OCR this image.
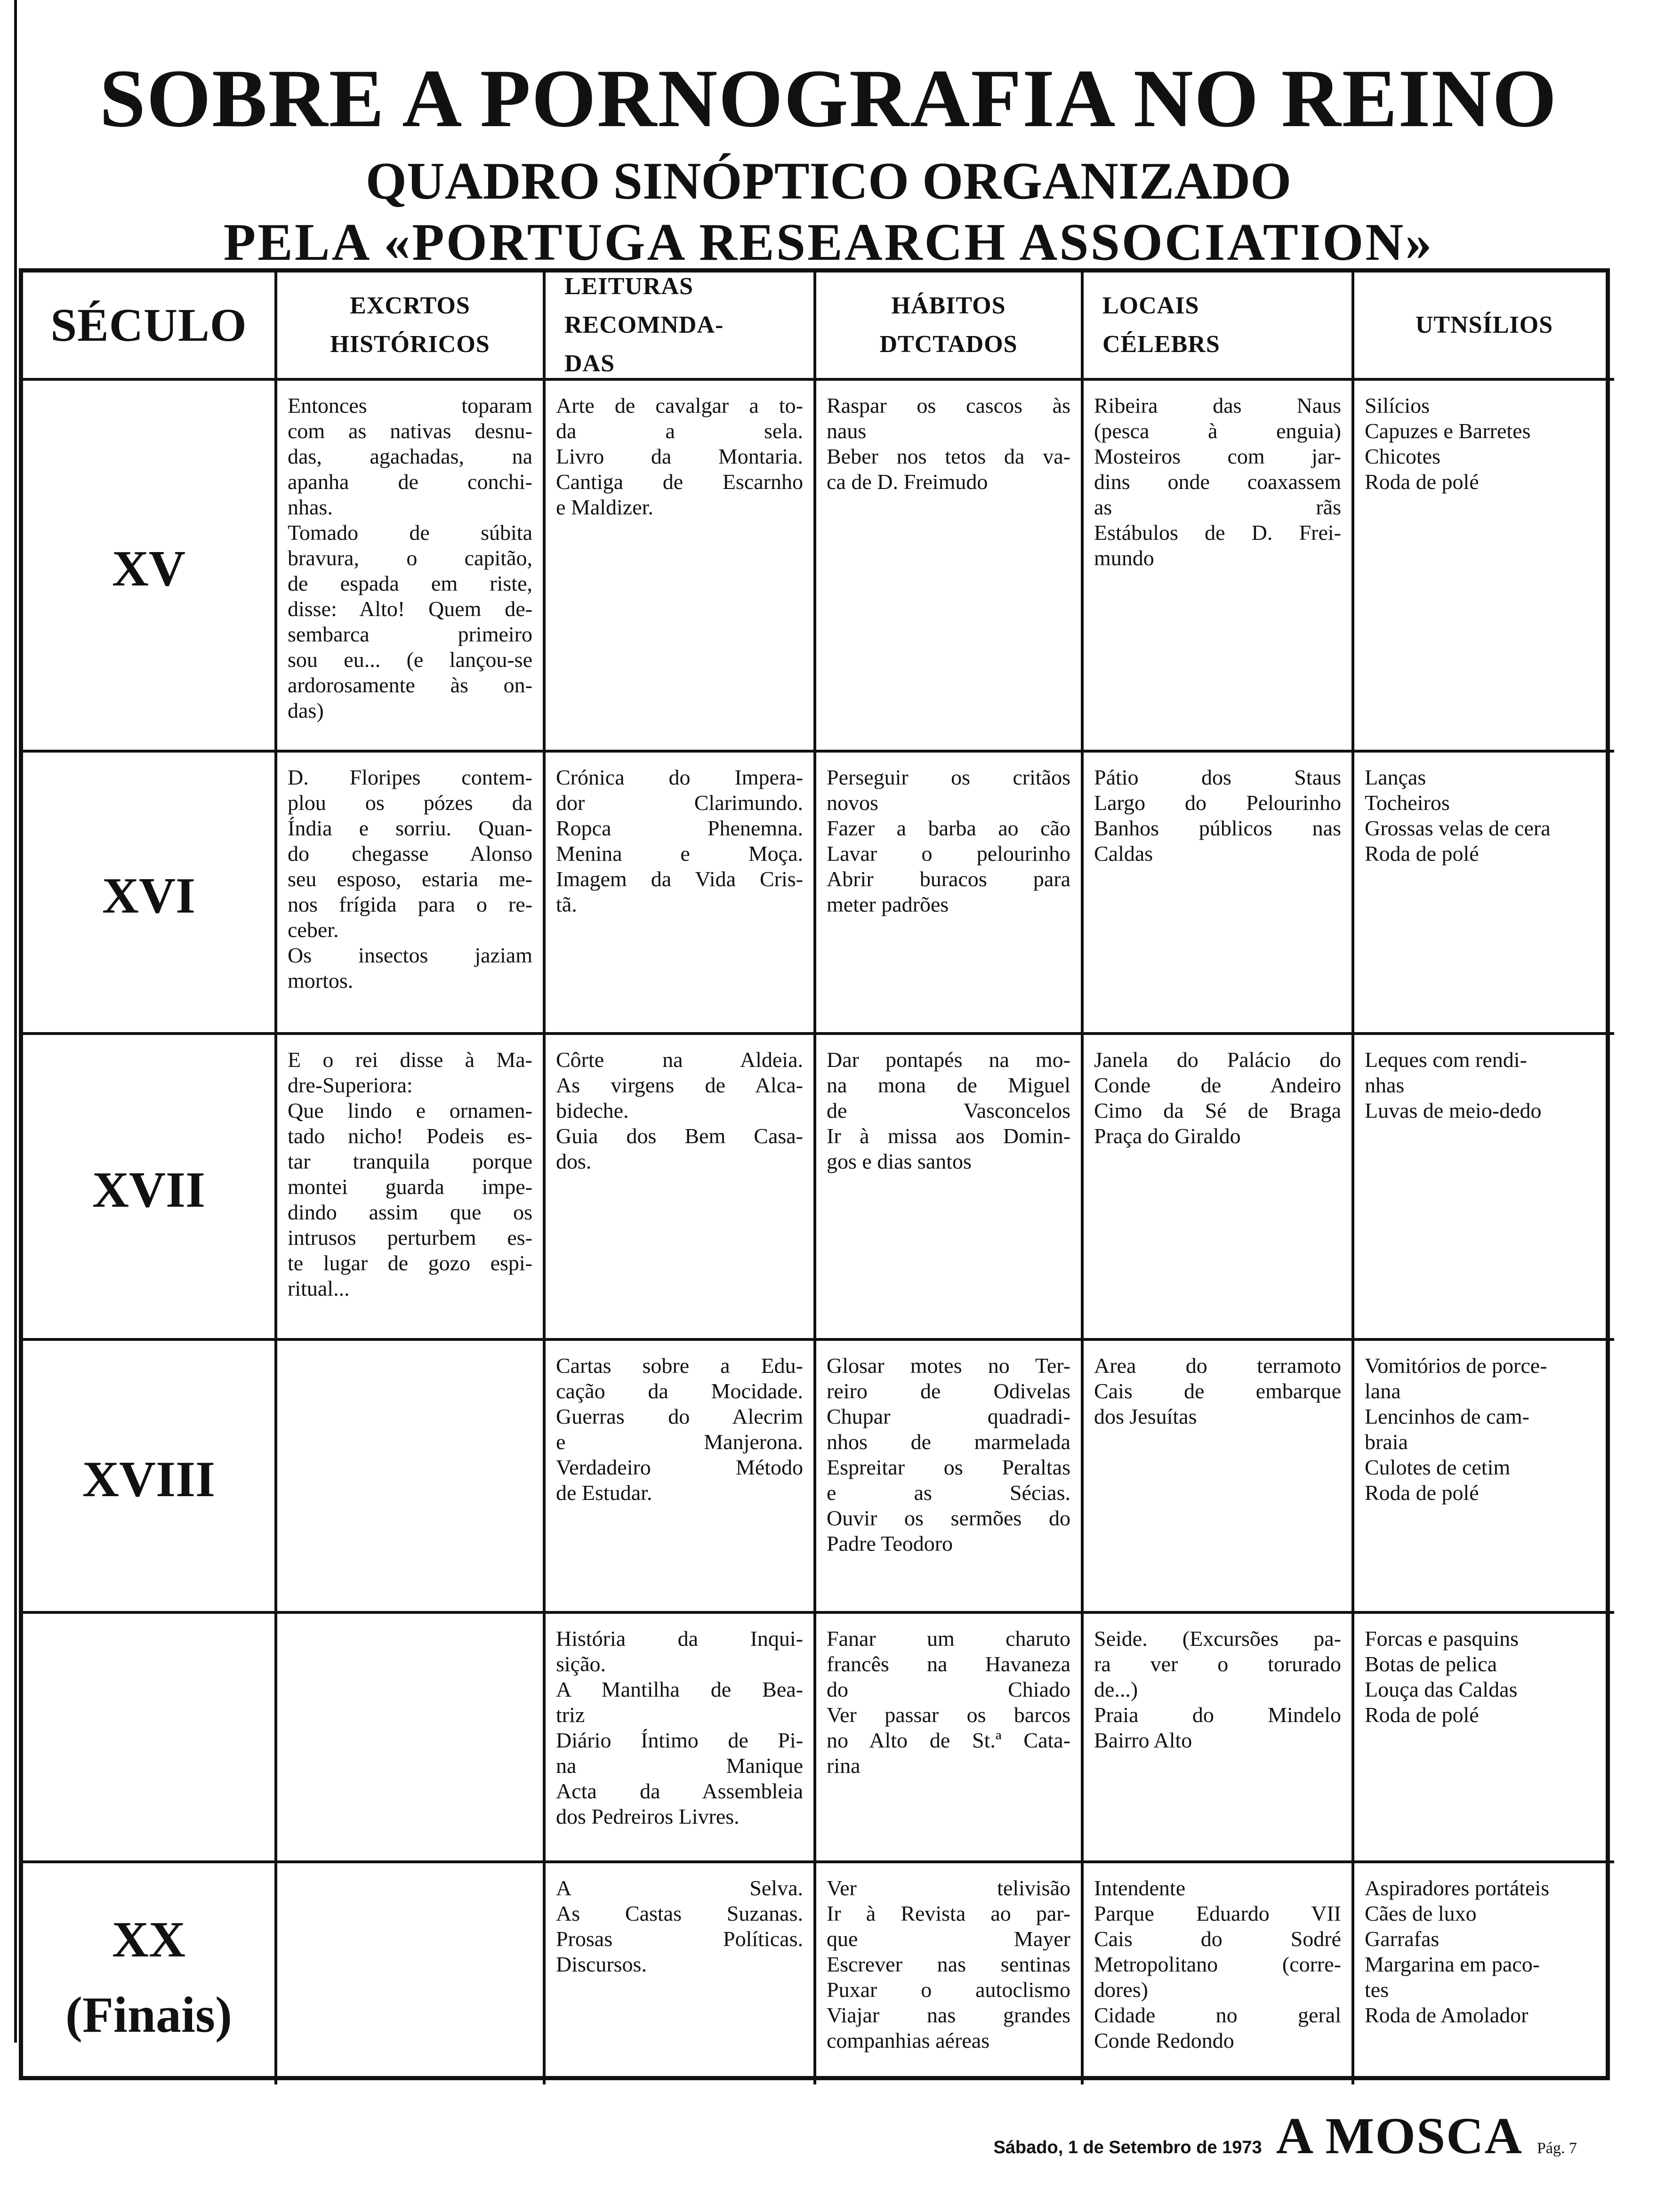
SOBRE A PORNOGRAFIA NO REINO
QUADRO SINÓPTICO ORGANIZADO
PELA «PORTUGA RESEARCH ASSOCIATION»
SÉCULO	EXCRTOS
HISTÓRICOS
LEITURAS
RECOMNDA-
DAS
HÁBITOS
DTCTADOS
LOCAIS
CÉLEBRS
UTNSÍLIOS
XV
Entonces toparam
com as nativas desnu-
das, agachadas, na
apanha de conchi-
nhas.
Tomado de súbita
bravura, o capitão,
de espada em riste,
disse: Alto! Quem de-
sembarca primeiro
sou eu... (e lançou-se
ardorosamente às on-
das)
Arte de cavalgar a to-
da a sela.
Livro da Montaria.
Cantiga de Escarnho
e Maldizer.
Raspar os cascos às
naus
Beber nos tetos da va-
ca de D. Freimudo
Ribeira das Naus
(pesca à enguia)
Mosteiros com jar-
dins onde coaxassem
as rãs
Estábulos de D. Frei-
mundo
Silícios
Capuzes e Barretes
Chicotes
Roda de polé
XVI
D. Floripes contem-
plou os pózes da
Índia e sorriu. Quan-
do chegasse Alonso
seu esposo, estaria me-
nos frígida para o re-
ceber.
Os insectos jaziam
mortos.
Crónica do Impera-
dor Clarimundo.
Ropca Phenemna.
Menina e Moça.
Imagem da Vida Cris-
tã.
Perseguir os critãos
novos
Fazer a barba ao cão
Lavar o pelourinho
Abrir buracos para
meter padrões
Pátio dos Staus
Largo do Pelourinho
Banhos públicos nas
Caldas
Lanças
Tocheiros
Grossas velas de cera
Roda de polé
XVII
E o rei disse à Ma-
dre-Superiora:
Que lindo e ornamen-
tado nicho! Podeis es-
tar tranquila porque
montei guarda impe-
dindo assim que os
intrusos perturbem es-
te lugar de gozo espi-
ritual...
Côrte na Aldeia.
As virgens de Alca-
bideche.
Guia dos Bem Casa-
dos.
Dar pontapés na mo-
na mona de Miguel
de Vasconcelos
Ir à missa aos Domin-
gos e dias santos
Janela do Palácio do
Conde de Andeiro
Cimo da Sé de Braga
Praça do Giraldo
Leques com rendi-
nhas
Luvas de meio-dedo
XVIII
Cartas sobre a Edu-
cação da Mocidade.
Guerras do Alecrim
e Manjerona.
Verdadeiro Método
de Estudar.
Glosar motes no Ter-
reiro de Odivelas
Chupar quadradi-
nhos de marmelada
Espreitar os Peraltas
e as Sécias.
Ouvir os sermões do
Padre Teodoro
Area do terramoto
Cais de embarque
dos Jesuítas
Vomitórios de porce-
lana
Lencinhos de cam-
braia
Culotes de cetim
Roda de polé
História da Inqui-
sição.
A Mantilha de Bea-
triz
Diário Íntimo de Pi-
na Manique
Acta da Assembleia
dos Pedreiros Livres.
Fanar um charuto
francês na Havaneza
do Chiado
Ver passar os barcos
no Alto de St.ª Cata-
rina
Seide. (Excursões pa-
ra ver o torurado
de...)
Praia do Mindelo
Bairro Alto
Forcas e pasquins
Botas de pelica
Louça das Caldas
Roda de polé
XX
(Finais)
A Selva.
As Castas Suzanas.
Prosas Políticas.
Discursos.
Ver telivisão
Ir à Revista ao par-
que Mayer
Escrever nas sentinas
Puxar o autoclismo
Viajar nas grandes
companhias aéreas
Intendente
Parque Eduardo VII
Cais do Sodré
Metropolitano (corre-
dores)
Cidade no geral
Conde Redondo
Aspiradores portáteis
Cães de luxo
Garrafas
Margarina em paco-
tes
Roda de Amolador
Sábado, 1 de Setembro de 1973 A MOSCA Pág. 7
